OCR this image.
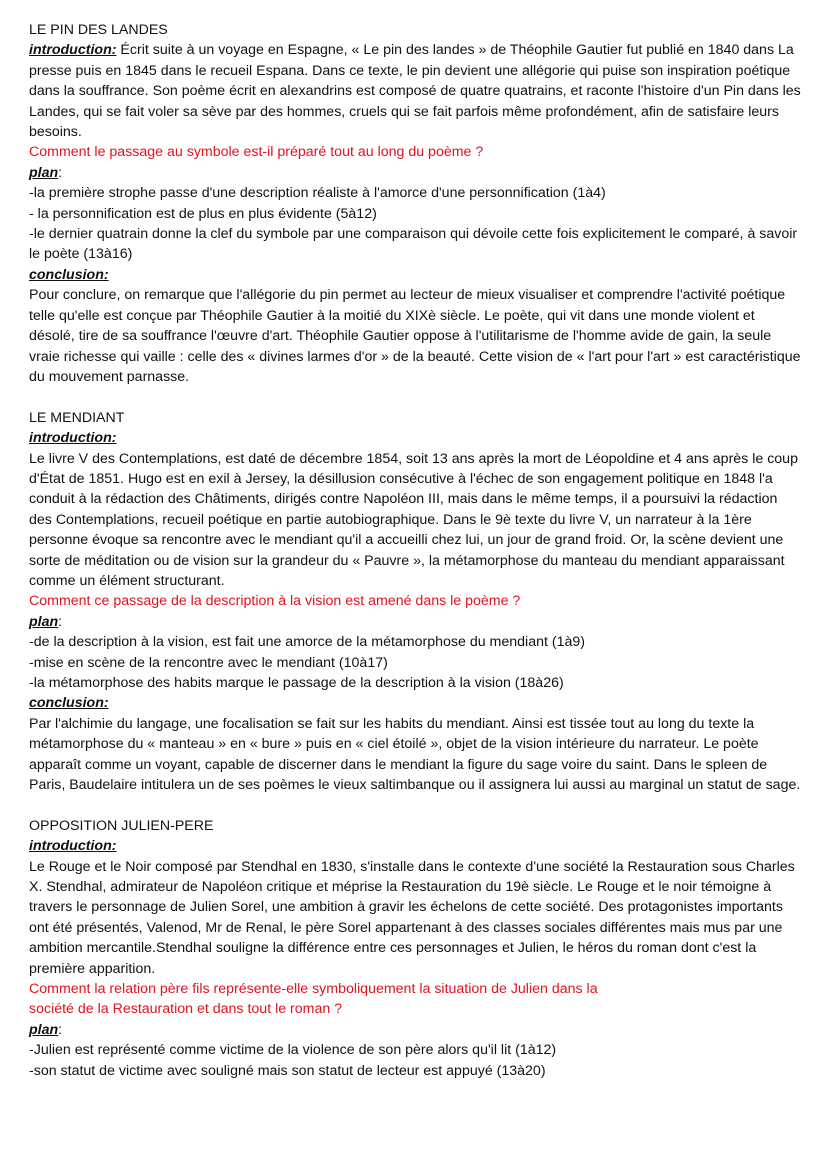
LE PIN DES LANDES

introduction: Écrit suite à un voyage en Espagne, « Le pin des landes » de Théophile Gautier fut publié en 1840 dans La presse puis en 1845 dans le recueil Espana. Dans ce texte, le pin devient une allégorie qui puise son inspiration poétique dans la souffrance. Son poème écrit en alexandrins est composé de quatre quatrains, et raconte l'histoire d'un Pin dans les Landes, qui se fait voler sa sève par des hommes, cruels qui se fait parfois même profondément, afin de satisfaire leurs besoins.

Comment le passage au symbole est-il préparé tout au long du poème ?
plan:
-la première strophe passe d'une description réaliste à l'amorce d'une personnification (1à4)
- la personnification est de plus en plus évidente (5à12)
-le dernier quatrain donne la clef du symbole par une comparaison qui dévoile cette fois explicitement le comparé, à savoir le poète (13à16)
conclusion:

Pour conclure, on remarque que l'allégorie du pin permet au lecteur de mieux visualiser et comprendre l'activité poétique telle qu'elle est conçue par Théophile Gautier à la moitié du XIXè siècle. Le poète, qui vit dans une monde violent et désolé, tire de sa souffrance l'œuvre d'art. Théophile Gautier oppose à l'utilitarisme de l'homme avide de gain, la seule vraie richesse qui vaille : celle des « divines larmes d'or » de la beauté. Cette vision de « l'art pour l'art » est caractéristique du mouvement parnasse.

LE MENDIANT
introduction:

Le livre V des Contemplations, est daté de décembre 1854, soit 13 ans après la mort de Léopoldine et 4 ans après le coup d'État de 1851. Hugo est en exil à Jersey, la désillusion consécutive à l'échec de son engagement politique en 1848 l'a conduit à la rédaction des Châtiments, dirigés contre Napoléon III, mais dans le même temps, il a poursuivi la rédaction des Contemplations, recueil poétique en partie autobiographique. Dans le 9è texte du livre V, un narrateur à la 1ère personne évoque sa rencontre avec le mendiant qu'il a accueilli chez lui, un jour de grand froid. Or, la scène devient une sorte de méditation ou de vision sur la grandeur du « Pauvre », la métamorphose du manteau du mendiant apparaissant comme un élément structurant.

Comment ce passage de la description à la vision est amené dans le poème ?
plan:
-de la description à la vision, est fait une amorce de la métamorphose du mendiant (1à9)
-mise en scène de la rencontre avec le mendiant (10à17)
-la métamorphose des habits marque le passage de la description à la vision (18à26)
conclusion:

Par l'alchimie du langage, une focalisation se fait sur les habits du mendiant. Ainsi est tissée tout au long du texte la métamorphose du « manteau » en « bure » puis en « ciel étoilé », objet de la vision intérieure du narrateur. Le poète apparaît comme un voyant, capable de discerner dans le mendiant la figure du sage voire du saint. Dans le spleen de Paris, Baudelaire intitulera un de ses poèmes le vieux saltimbanque ou il assignera lui aussi au marginal un statut de sage.

OPPOSITION JULIEN-PERE
introduction:

Le Rouge et le Noir composé par Stendhal en 1830, s'installe dans le contexte d'une société la Restauration sous Charles X. Stendhal, admirateur de Napoléon critique et méprise la Restauration du 19è siècle. Le Rouge et le noir témoigne à travers le personnage de Julien Sorel, une ambition à gravir les échelons de cette société. Des protagonistes importants ont été présentés, Valenod, Mr de Renal, le père Sorel appartenant à des classes sociales différentes mais mus par une ambition mercantile.Stendhal souligne la différence entre ces personnages et Julien, le héros du roman dont c'est la première apparition.

Comment la relation père fils représente-elle symboliquement la situation de Julien dans la
société de la Restauration et dans tout le roman ?
plan:
-Julien est représenté comme victime de la violence de son père alors qu'il lit (1à12)
-son statut de victime avec souligné mais son statut de lecteur est appuyé (13à20)
